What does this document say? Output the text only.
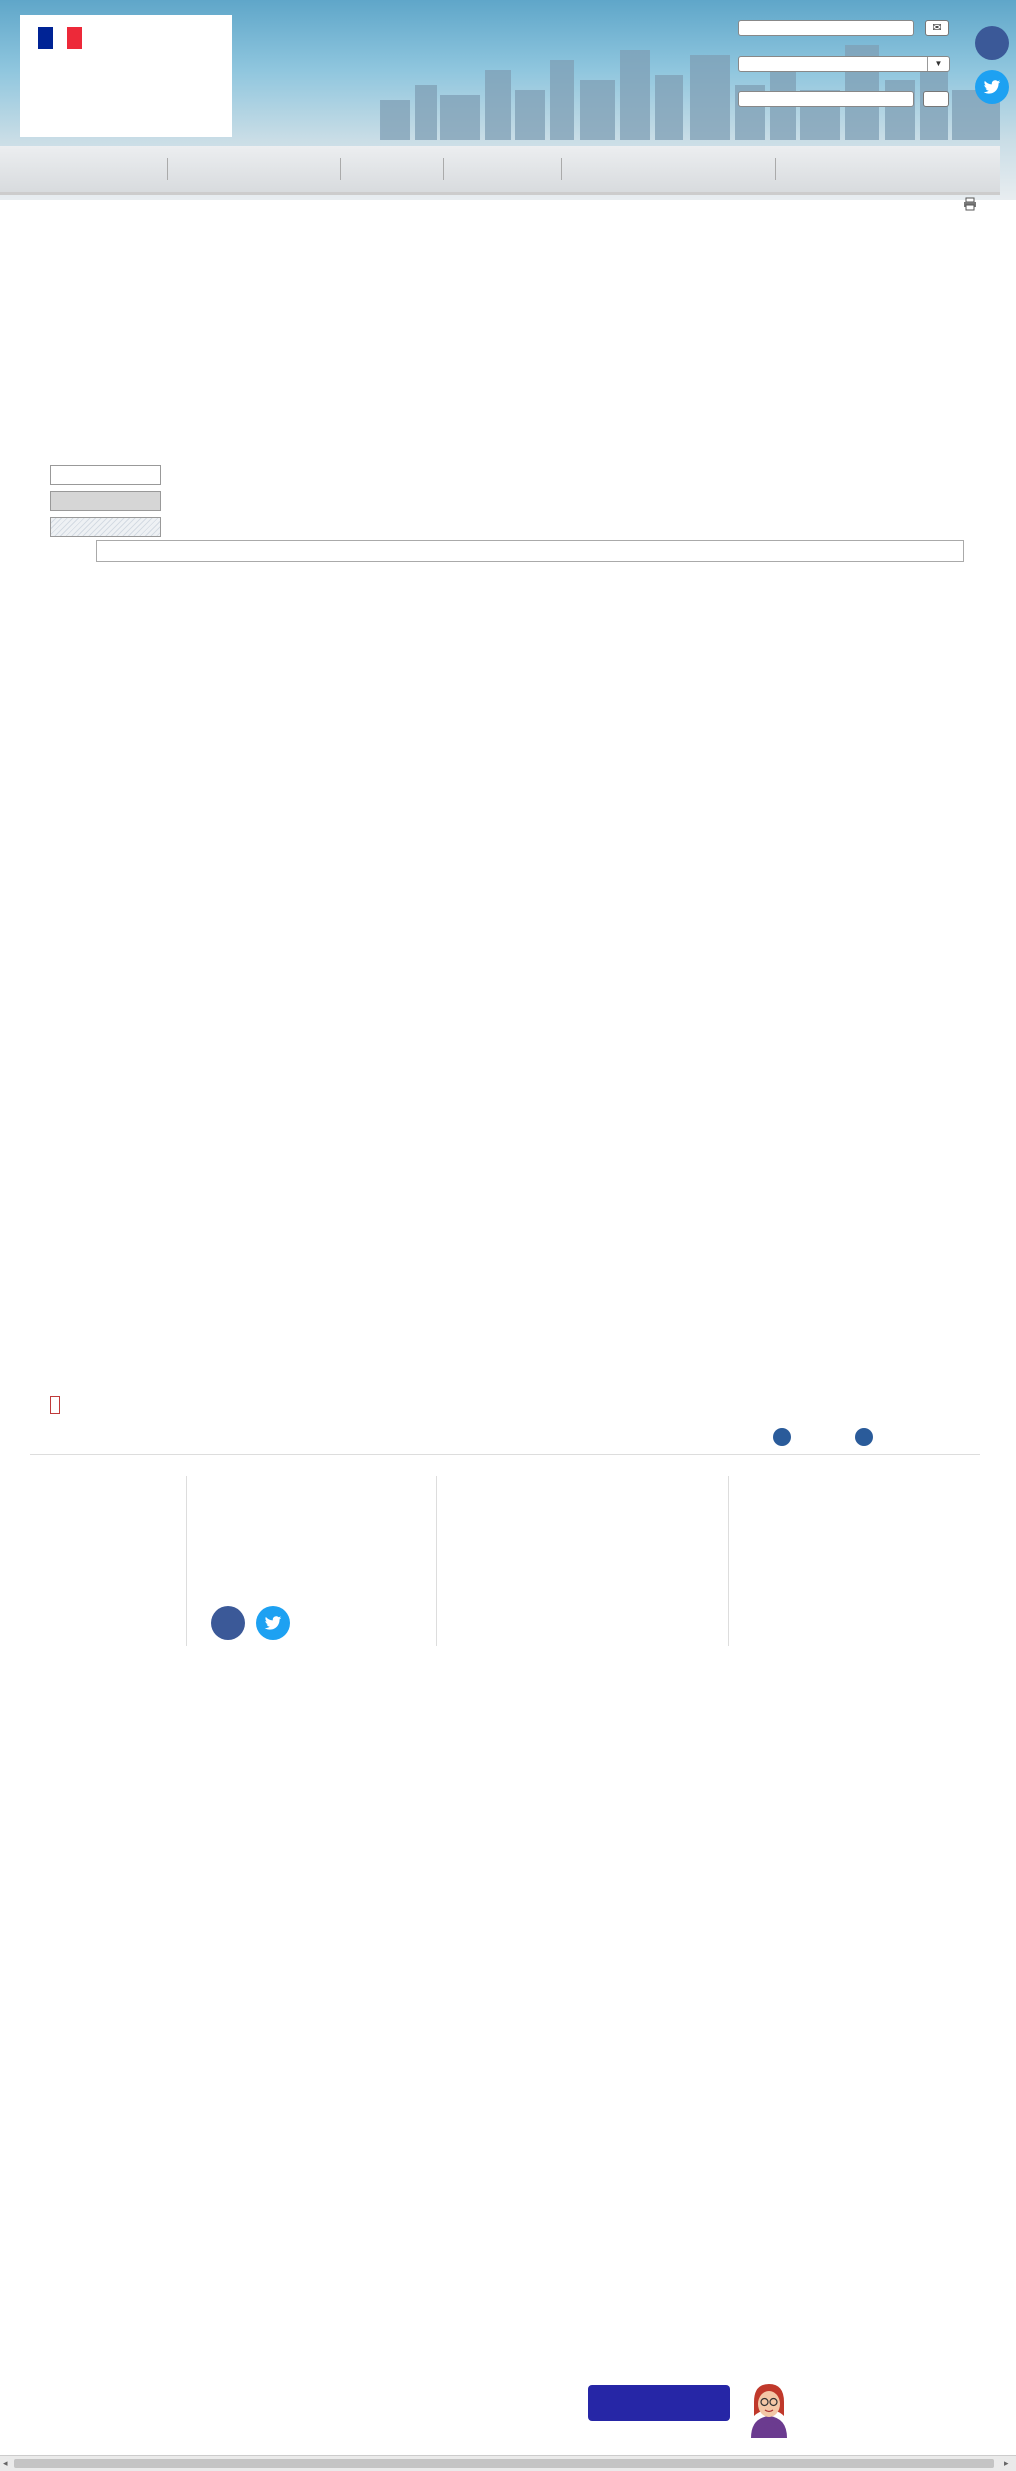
✉
▼
◂	▸
